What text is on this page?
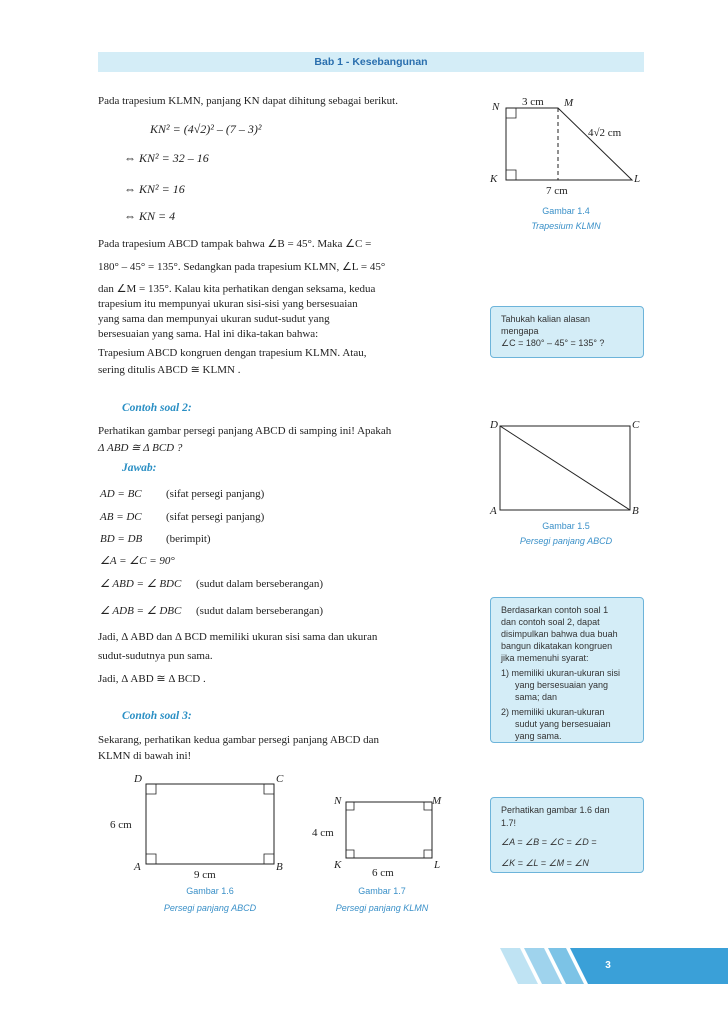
Bab 1 - Kesebangunan
Pada trapesium KLMN, panjang KN dapat dihitung sebagai berikut.
KN² = (4√2)² – (7 – 3)²
⇔ KN² = 32 – 16
⇔ KN² = 16
⇔ KN = 4
Pada trapesium ABCD tampak bahwa ∠B = 45°. Maka ∠C =
180° – 45° = 135°. Sedangkan pada trapesium KLMN, ∠L = 45°
dan ∠M = 135°. Kalau kita perhatikan dengan seksama, kedua
trapesium itu mempunyai ukuran sisi-sisi yang bersesuaian
yang sama dan mempunyai ukuran sudut-sudut yang
bersesuaian yang sama. Hal ini dika-takan bahwa:
Trapesium ABCD kongruen dengan trapesium KLMN. Atau,
sering ditulis ABCD ≅ KLMN .
Contoh soal 2:
Perhatikan gambar persegi panjang ABCD di samping ini! Apakah
Δ ABD ≅ Δ BCD ?
Jawab:
AD = BC (sifat persegi panjang)
AB = DC (sifat persegi panjang)
BD = DB (berimpit)
∠A = ∠C = 90°
∠ ABD = ∠ BDC (sudut dalam berseberangan)
∠ ADB = ∠ DBC (sudut dalam berseberangan)
Jadi, Δ ABD dan Δ BCD memiliki ukuran sisi sama dan ukuran
sudut-sudutnya pun sama.
Jadi, Δ ABD ≅ Δ BCD .
Contoh soal 3:
Sekarang, perhatikan kedua gambar persegi panjang ABCD dan
KLMN di bawah ini!
N	M
K	L
3 cm
4√2 cm
7 cm
Gambar 1.4
Trapesium KLMN

Tahukah kalian alasan

mengapa

∠C = 180° – 45° = 135° ?

D	C
A	B
Gambar 1.5
Persegi panjang ABCD

Berdasarkan contoh soal 1

dan contoh soal 2, dapat

disimpulkan bahwa dua buah

bangun dikatakan kongruen

jika memenuhi syarat:

1) memiliki ukuran-ukuran sisi

yang bersesuaian yang

sama; dan

2) memiliki ukuran-ukuran

sudut yang bersesuaian

yang sama.

D	C
A	B
6 cm
9 cm
Gambar 1.6
Persegi panjang ABCD
N	M
K	L
4 cm
6 cm
Gambar 1.7
Persegi panjang KLMN

Perhatikan gambar 1.6 dan

1.7!

∠A = ∠B = ∠C = ∠D =

∠K = ∠L = ∠M = ∠N

3
